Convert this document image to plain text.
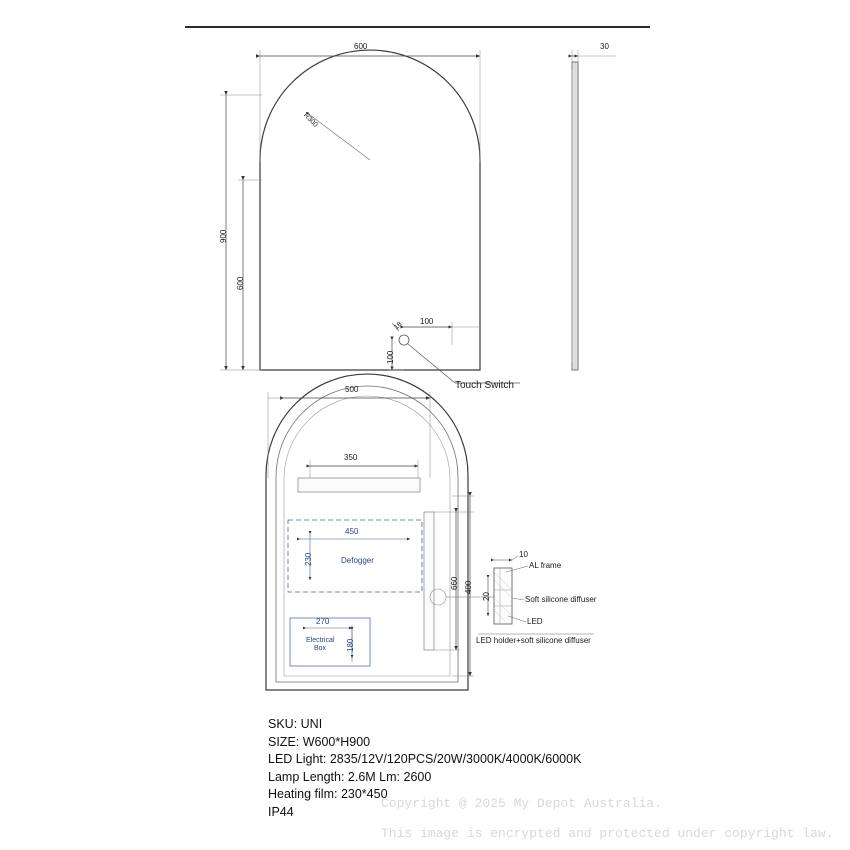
600
R300
900
600
100
18
100
Touch Switch
30
500
350
450
230	Defogger
660 400
270
180
Electrical
Box
10
AL frame
20	Soft silicone diffuser
LED
LED holder+soft silicone diffuser
SKU: UNI
SIZE: W600*H900
LED Light: 2835/12V/120PCS/20W/3000K/4000K/6000K
Lamp Length: 2.6M Lm: 2600
Heating film: 230*450
IP44
Copyright @ 2025 My Depot Australia.
This image is encrypted and protected under copyright law.
